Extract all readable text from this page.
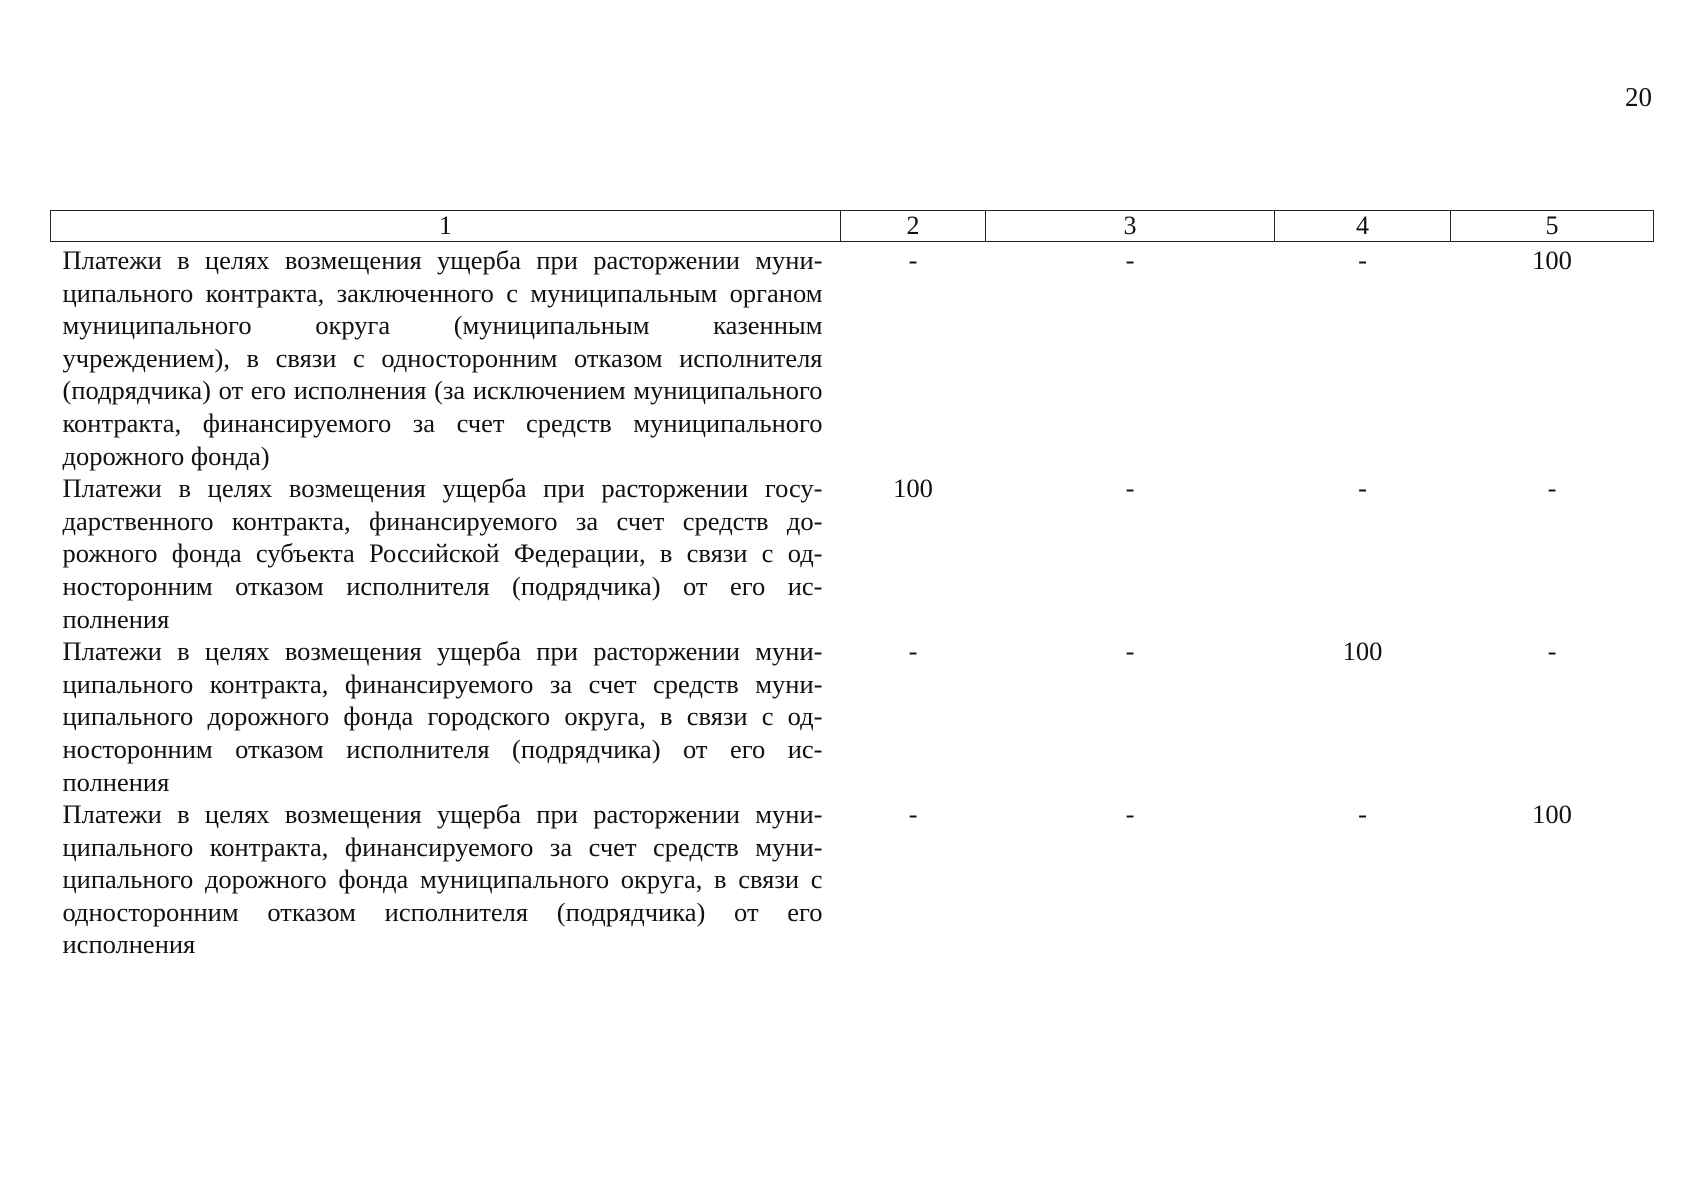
20
1	2	3	4	5
Платежи в целях возмещения ущерба при расторжении муниципального контракта, заключенного с муниципальным органом муниципального округа (муниципальным казенным учреждением), в связи с односторонним отказом исполнителя (подрядчика) от его исполнения (за исключением муниципального контракта, финансируемого за счет средств муниципального дорожного фонда)	-	-	-	100
Платежи в целях возмещения ущерба при расторжении государственного контракта, финансируемого за счет средств дорожного фонда субъекта Российской Федерации, в связи с односторонним отказом исполнителя (подрядчика) от его исполнения	100	-	-	-
Платежи в целях возмещения ущерба при расторжении муниципального контракта, финансируемого за счет средств муниципального дорожного фонда городского округа, в связи с односторонним отказом исполнителя (подрядчика) от его исполнения	-	-	100	-
Платежи в целях возмещения ущерба при расторжении муниципального контракта, финансируемого за счет средств муниципального дорожного фонда муниципального округа, в связи с односторонним отказом исполнителя (подрядчика) от его исполнения	-	-	-	100
